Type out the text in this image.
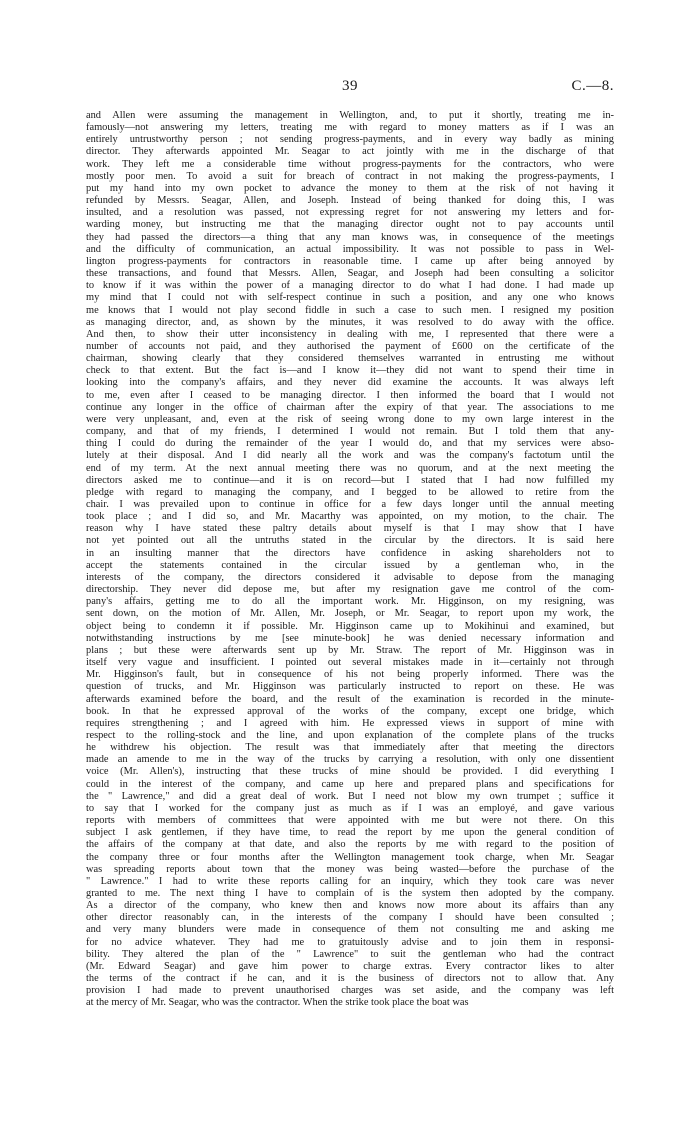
39	C.—8.
and Allen were assuming the management in Wellington, and, to put it shortly, treating me in-
famously—not answering my letters, treating me with regard to money matters as if I was an
entirely untrustworthy person ; not sending progress-payments, and in every way badly as mining
director. They afterwards appointed Mr. Seagar to act jointly with me in the discharge of that
work. They left me a considerable time without progress-payments for the contractors, who were
mostly poor men. To avoid a suit for breach of contract in not making the progress-payments, I
put my hand into my own pocket to advance the money to them at the risk of not having it
refunded by Messrs. Seagar, Allen, and Joseph. Instead of being thanked for doing this, I was
insulted, and a resolution was passed, not expressing regret for not answering my letters and for-
warding money, but instructing me that the managing director ought not to pay accounts until
they had passed the directors—a thing that any man knows was, in consequence of the meetings
and the difficulty of communication, an actual impossibility. It was not possible to pass in Wel-
lington progress-payments for contractors in reasonable time. I came up after being annoyed by
these transactions, and found that Messrs. Allen, Seagar, and Joseph had been consulting a solicitor
to know if it was within the power of a managing director to do what I had done. I had made up
my mind that I could not with self-respect continue in such a position, and any one who knows
me knows that I would not play second fiddle in such a case to such men. I resigned my position
as managing director, and, as shown by the minutes, it was resolved to do away with the office.
And then, to show their utter inconsistency in dealing with me, I represented that there were a
number of accounts not paid, and they authorised the payment of £600 on the certificate of the
chairman, showing clearly that they considered themselves warranted in entrusting me without
check to that extent. But the fact is—and I know it—they did not want to spend their time in
looking into the company's affairs, and they never did examine the accounts. It was always left
to me, even after I ceased to be managing director. I then informed the board that I would not
continue any longer in the office of chairman after the expiry of that year. The associations to me
were very unpleasant, and, even at the risk of seeing wrong done to my own large interest in the
company, and that of my friends, I determined I would not remain. But I told them that any-
thing I could do during the remainder of the year I would do, and that my services were abso-
lutely at their disposal. And I did nearly all the work and was the company's factotum until the
end of my term. At the next annual meeting there was no quorum, and at the next meeting the
directors asked me to continue—and it is on record—but I stated that I had now fulfilled my
pledge with regard to managing the company, and I begged to be allowed to retire from the
chair. I was prevailed upon to continue in office for a few days longer until the annual meeting
took place ; and I did so, and Mr. Macarthy was appointed, on my motion, to the chair. The
reason why I have stated these paltry details about myself is that I may show that I have
not yet pointed out all the untruths stated in the circular by the directors. It is said here
in an insulting manner that the directors have confidence in asking shareholders not to
accept the statements contained in the circular issued by a gentleman who, in the
interests of the company, the directors considered it advisable to depose from the managing
directorship. They never did depose me, but after my resignation gave me control of the com-
pany's affairs, getting me to do all the important work. Mr. Higginson, on my resigning, was
sent down, on the motion of Mr. Allen, Mr. Joseph, or Mr. Seagar, to report upon my work, the
object being to condemn it if possible. Mr. Higginson came up to Mokihinui and examined, but
notwithstanding instructions by me [see minute-book] he was denied necessary information and
plans ; but these were afterwards sent up by Mr. Straw. The report of Mr. Higginson was in
itself very vague and insufficient. I pointed out several mistakes made in it—certainly not through
Mr. Higginson's fault, but in consequence of his not being properly informed. There was the
question of trucks, and Mr. Higginson was particularly instructed to report on these. He was
afterwards examined before the board, and the result of the examination is recorded in the minute-
book. In that he expressed approval of the works of the company, except one bridge, which
requires strengthening ; and I agreed with him. He expressed views in support of mine with
respect to the rolling-stock and the line, and upon explanation of the complete plans of the trucks
he withdrew his objection. The result was that immediately after that meeting the directors
made an amende to me in the way of the trucks by carrying a resolution, with only one dissentient
voice (Mr. Allen's), instructing that these trucks of mine should be provided. I did everything I
could in the interest of the company, and came up here and prepared plans and specifications for
the " Lawrence," and did a great deal of work. But I need not blow my own trumpet ; suffice it
to say that I worked for the company just as much as if I was an employé, and gave various
reports with members of committees that were appointed with me but were not there. On this
subject I ask gentlemen, if they have time, to read the report by me upon the general condition of
the affairs of the company at that date, and also the reports by me with regard to the position of
the company three or four months after the Wellington management took charge, when Mr. Seagar
was spreading reports about town that the money was being wasted—before the purchase of the
" Lawrence." I had to write these reports calling for an inquiry, which they took care was never
granted to me. The next thing I have to complain of is the system then adopted by the company.
As a director of the company, who knew then and knows now more about its affairs than any
other director reasonably can, in the interests of the company I should have been consulted ;
and very many blunders were made in consequence of them not consulting me and asking me
for no advice whatever. They had me to gratuitously advise and to join them in responsi-
bility. They altered the plan of the " Lawrence" to suit the gentleman who had the contract
(Mr. Edward Seagar) and gave him power to charge extras. Every contractor likes to alter
the terms of the contract if he can, and it is the business of directors not to allow that. Any
provision I had made to prevent unauthorised charges was set aside, and the company was left
at the mercy of Mr. Seagar, who was the contractor. When the strike took place the boat was
